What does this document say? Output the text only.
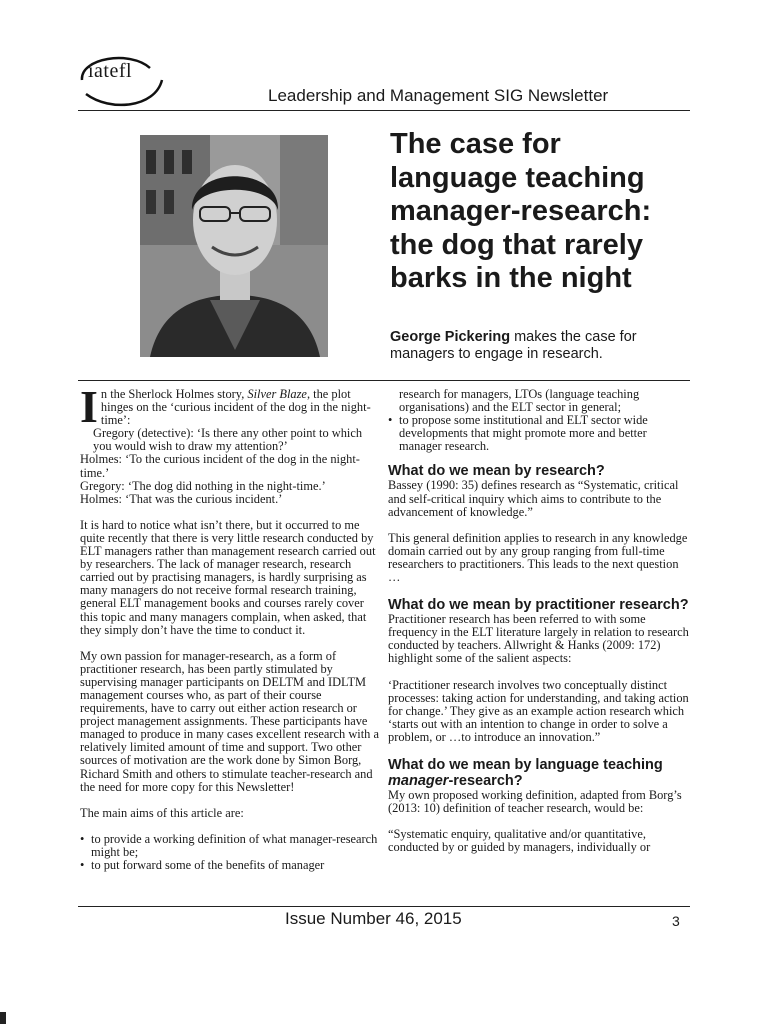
iatefl
Leadership and Management SIG Newsletter
The case for
language teaching
manager-research:
the dog that rarely
barks in the night
George Pickering makes the case for
managers to engage in research.

In the Sherlock Holmes story, Silver Blaze, the plot hinges on the ‘curious incident of the dog in the night-time’:

Gregory (detective): ‘Is there any other point to which you would wish to draw my attention?’

Holmes: ‘To the curious incident of the dog in the night-time.’

Gregory: ‘The dog did nothing in the night-time.’

Holmes: ‘That was the curious incident.’

It is hard to notice what isn’t there, but it occurred to me quite recently that there is very little research conducted by ELT managers rather than management research carried out by researchers. The lack of manager research, research carried out by practising managers, is hardly surprising as many managers do not receive formal research training, general ELT management books and courses rarely cover this topic and many managers complain, when asked, that they simply don’t have the time to conduct it.

My own passion for manager-research, as a form of practitioner research, has been partly stimulated by supervising manager participants on DELTM and IDLTM management courses who, as part of their course requirements, have to carry out either action research or project management assignments. These participants have managed to produce in many cases excellent research with a relatively limited amount of time and support. Two other sources of motivation are the work done by Simon Borg, Richard Smith and others to stimulate teacher-research and the need for more copy for this Newsletter!

The main aims of this article are:

• to provide a working definition of what manager-research might be;
• to put forward some of the benefits of manager

research for managers, LTOs (language teaching organisations) and the ELT sector in general;

• to propose some institutional and ELT sector wide developments that might promote more and better manager research.
What do we mean by research?

Bassey (1990: 35) defines research as “Systematic, critical and self-critical inquiry which aims to contribute to the advancement of knowledge.”

This general definition applies to research in any knowledge domain carried out by any group ranging from full-time researchers to practitioners. This leads to the next question …

What do we mean by practitioner research?

Practitioner research has been referred to with some frequency in the ELT literature largely in relation to research conducted by teachers. Allwright & Hanks (2009: 172) highlight some of the salient aspects:

‘Practitioner research involves two conceptually distinct processes: taking action for understanding, and taking action for change.’ They give as an example action research which ‘starts out with an intention to change in order to solve a problem, or …to introduce an innovation.”

What do we mean by language teaching
manager-research?

My own proposed working definition, adapted from Borg’s (2013: 10) definition of teacher research, would be:

“Systematic enquiry, qualitative and/or quantitative, conducted by or guided by managers, individually or

Issue Number 46, 2015	3
